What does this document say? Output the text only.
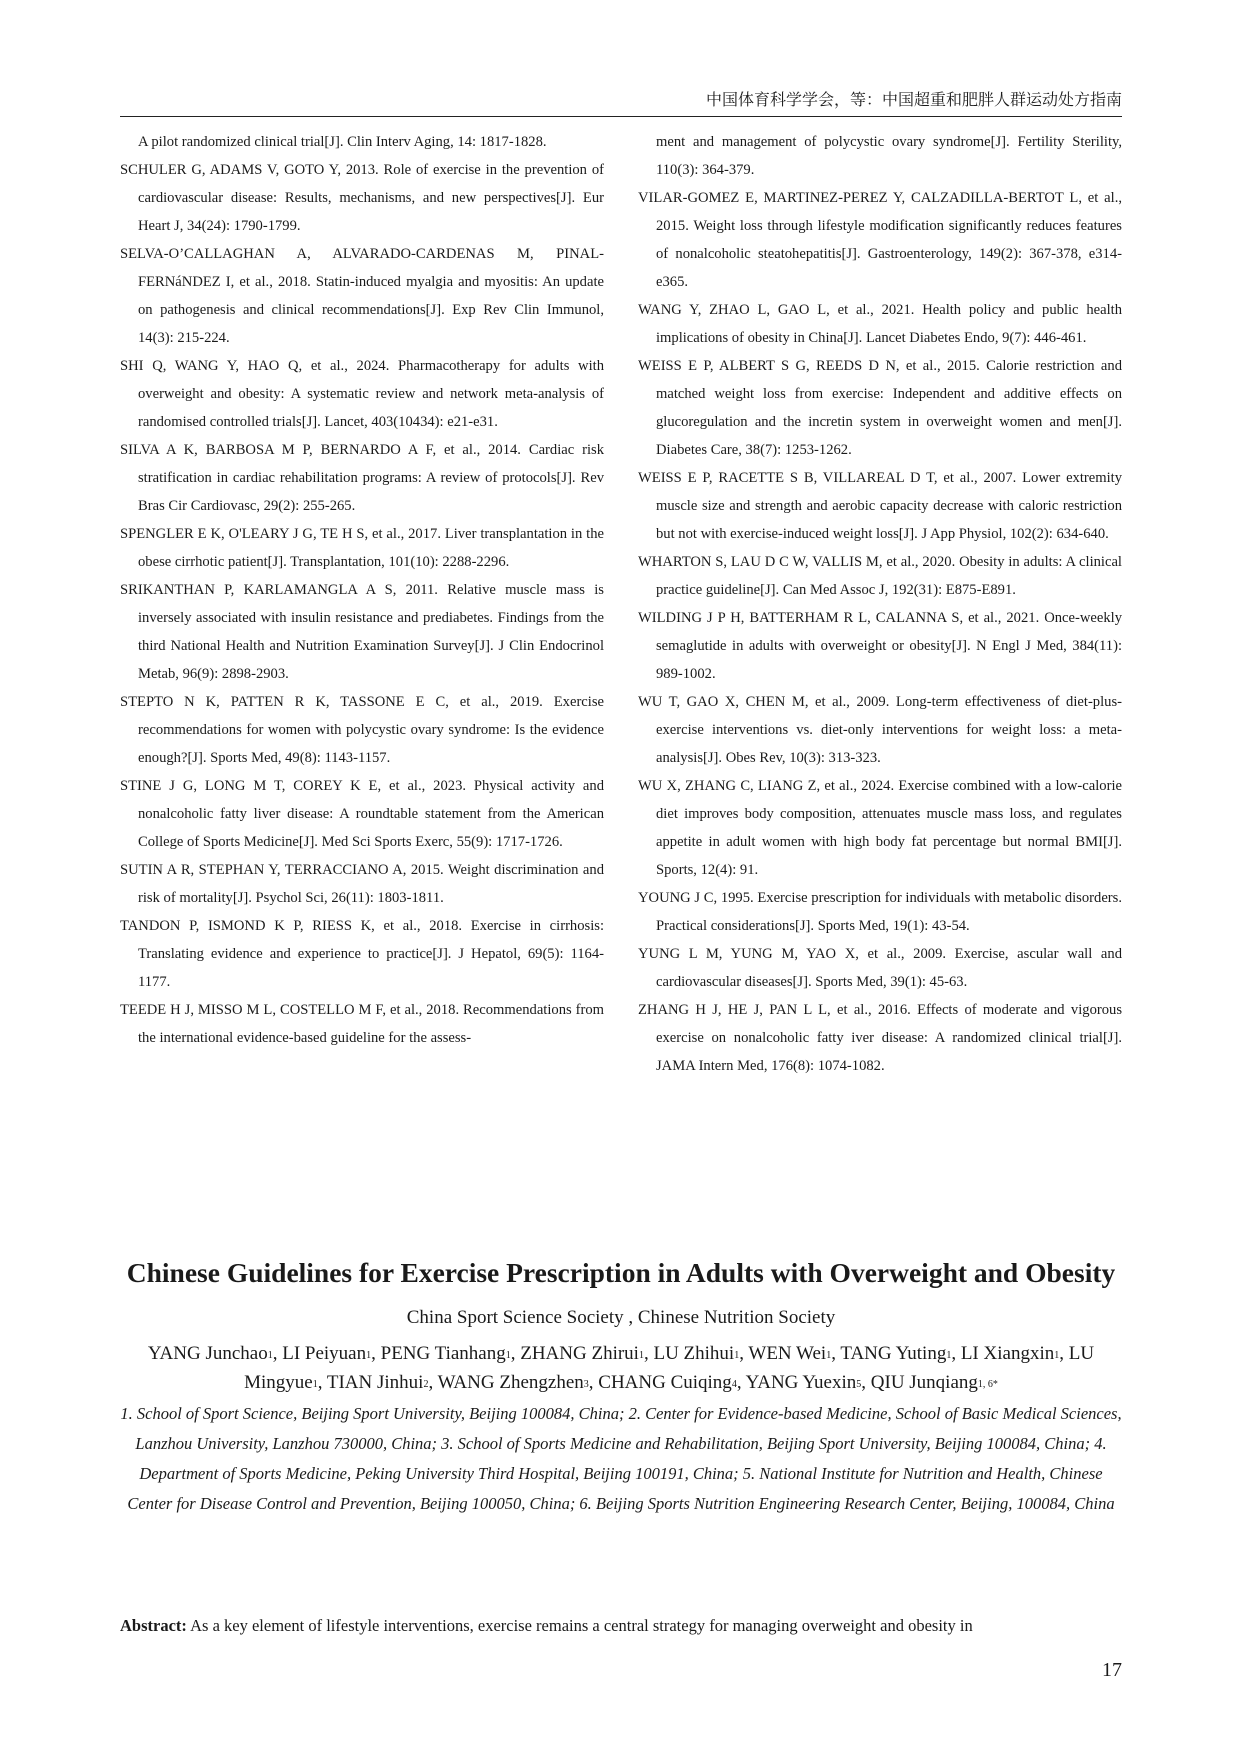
中国体育科学学会，等：中国超重和肥胖人群运动处方指南

A pilot randomized clinical trial[J]. Clin Interv Aging, 14: 1817-1828.

SCHULER G, ADAMS V, GOTO Y, 2013. Role of exercise in the prevention of cardiovascular disease: Results, mechanisms, and new perspectives[J]. Eur Heart J, 34(24): 1790-1799.

SELVA-O’CALLAGHAN A, ALVARADO-CARDENAS M, PINAL-FERNáNDEZ I, et al., 2018. Statin-induced myalgia and myositis: An update on pathogenesis and clinical recommendations[J]. Exp Rev Clin Immunol, 14(3): 215-224.

SHI Q, WANG Y, HAO Q, et al., 2024. Pharmacotherapy for adults with overweight and obesity: A systematic review and network meta-analysis of randomised controlled trials[J]. Lancet, 403(10434): e21-e31.

SILVA A K, BARBOSA M P, BERNARDO A F, et al., 2014. Cardiac risk stratification in cardiac rehabilitation programs: A review of protocols[J]. Rev Bras Cir Cardiovasc, 29(2): 255-265.

SPENGLER E K, O'LEARY J G, TE H S, et al., 2017. Liver transplantation in the obese cirrhotic patient[J]. Transplantation, 101(10): 2288-2296.

SRIKANTHAN P, KARLAMANGLA A S, 2011. Relative muscle mass is inversely associated with insulin resistance and prediabetes. Findings from the third National Health and Nutrition Examination Survey[J]. J Clin Endocrinol Metab, 96(9): 2898-2903.

STEPTO N K, PATTEN R K, TASSONE E C, et al., 2019. Exercise recommendations for women with polycystic ovary syndrome: Is the evidence enough?[J]. Sports Med, 49(8): 1143-1157.

STINE J G, LONG M T, COREY K E, et al., 2023. Physical activity and nonalcoholic fatty liver disease: A roundtable statement from the American College of Sports Medicine[J]. Med Sci Sports Exerc, 55(9): 1717-1726.

SUTIN A R, STEPHAN Y, TERRACCIANO A, 2015. Weight discrimination and risk of mortality[J]. Psychol Sci, 26(11): 1803-1811.

TANDON P, ISMOND K P, RIESS K, et al., 2018. Exercise in cirrhosis: Translating evidence and experience to practice[J]. J Hepatol, 69(5): 1164-1177.

TEEDE H J, MISSO M L, COSTELLO M F, et al., 2018. Recommendations from the international evidence-based guideline for the assess-

ment and management of polycystic ovary syndrome[J]. Fertility Sterility, 110(3): 364-379.

VILAR-GOMEZ E, MARTINEZ-PEREZ Y, CALZADILLA-BERTOT L, et al., 2015. Weight loss through lifestyle modification significantly reduces features of nonalcoholic steatohepatitis[J]. Gastroenterology, 149(2): 367-378, e314-e365.

WANG Y, ZHAO L, GAO L, et al., 2021. Health policy and public health implications of obesity in China[J]. Lancet Diabetes Endo, 9(7): 446-461.

WEISS E P, ALBERT S G, REEDS D N, et al., 2015. Calorie restriction and matched weight loss from exercise: Independent and additive effects on glucoregulation and the incretin system in overweight women and men[J]. Diabetes Care, 38(7): 1253-1262.

WEISS E P, RACETTE S B, VILLAREAL D T, et al., 2007. Lower extremity muscle size and strength and aerobic capacity decrease with caloric restriction but not with exercise-induced weight loss[J]. J App Physiol, 102(2): 634-640.

WHARTON S, LAU D C W, VALLIS M, et al., 2020. Obesity in adults: A clinical practice guideline[J]. Can Med Assoc J, 192(31): E875-E891.

WILDING J P H, BATTERHAM R L, CALANNA S, et al., 2021. Once-weekly semaglutide in adults with overweight or obesity[J]. N Engl J Med, 384(11): 989-1002.

WU T, GAO X, CHEN M, et al., 2009. Long-term effectiveness of diet-plus-exercise interventions vs. diet-only interventions for weight loss: a meta-analysis[J]. Obes Rev, 10(3): 313-323.

WU X, ZHANG C, LIANG Z, et al., 2024. Exercise combined with a low-calorie diet improves body composition, attenuates muscle mass loss, and regulates appetite in adult women with high body fat percentage but normal BMI[J]. Sports, 12(4): 91.

YOUNG J C, 1995. Exercise prescription for individuals with metabolic disorders. Practical considerations[J]. Sports Med, 19(1): 43-54.

YUNG L M, YUNG M, YAO X, et al., 2009. Exercise, ascular wall and cardiovascular diseases[J]. Sports Med, 39(1): 45-63.

ZHANG H J, HE J, PAN L L, et al., 2016. Effects of moderate and vigorous exercise on nonalcoholic fatty iver disease: A randomized clinical trial[J]. JAMA Intern Med, 176(8): 1074-1082.

Chinese Guidelines for Exercise Prescription in Adults with Overweight and Obesity

China Sport Science Society , Chinese Nutrition Society
YANG Junchao$^1$, LI Peiyuan$^1$, PENG Tianhang$^1$, ZHANG Zhirui$^1$, LU Zhihui$^1$, WEN Wei$^1$, TANG Yuting$^1$, LI Xiangxin$^1$, LU Mingyue$^1$, TIAN Jinhui$^2$, WANG Zhengzhen$^3$, CHANG Cuiqing$^4$, YANG Yuexin$^5$, QIU Junqiang$^{1, 6*}$
1. School of Sport Science, Beijing Sport University, Beijing 100084, China; 2. Center for Evidence-based Medicine, School of Basic Medical Sciences, Lanzhou University, Lanzhou 730000, China; 3. School of Sports Medicine and Rehabilitation, Beijing Sport University, Beijing 100084, China; 4. Department of Sports Medicine, Peking University Third Hospital, Beijing 100191, China; 5. National Institute for Nutrition and Health, Chinese Center for Disease Control and Prevention, Beijing 100050, China; 6. Beijing Sports Nutrition Engineering Research Center, Beijing, 100084, China
Abstract: As a key element of lifestyle interventions, exercise remains a central strategy for managing overweight and obesity in
17
